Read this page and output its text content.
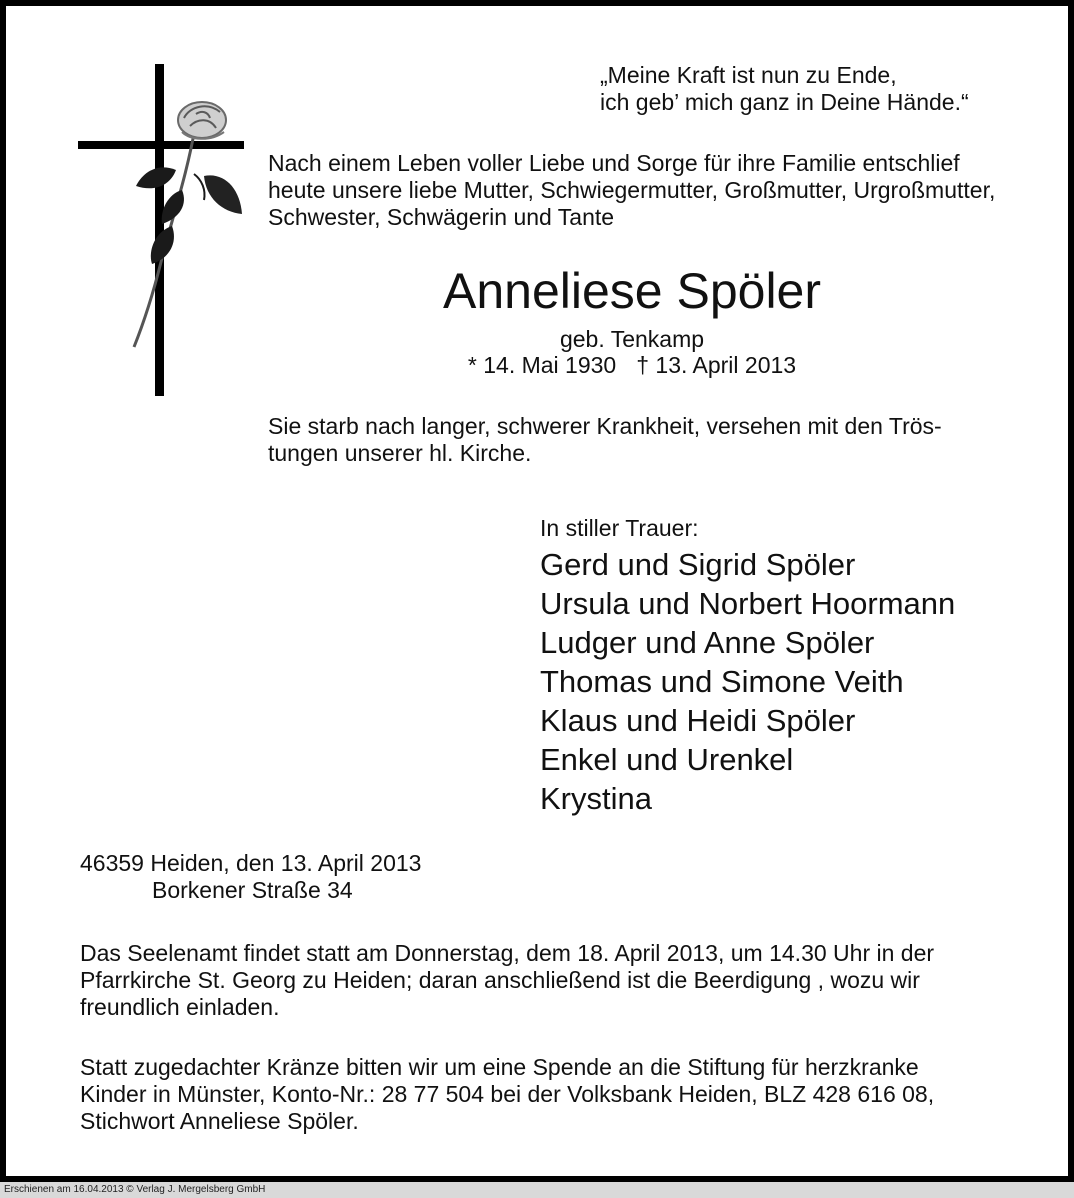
„Meine Kraft ist nun zu Ende,
ich geb’ mich ganz in Deine Hände.“
Nach einem Leben voller Liebe und Sorge für ihre Familie entschlief
heute unsere liebe Mutter, Schwiegermutter, Großmutter, Urgroßmutter,
Schwester, Schwägerin und Tante
Anneliese Spöler
geb. Tenkamp
* 14. Mai 1930 † 13. April 2013
Sie starb nach langer, schwerer Krankheit, versehen mit den Trös-
tungen unserer hl. Kirche.
In stiller Trauer:
Gerd und Sigrid Spöler
Ursula und Norbert Hoormann
Ludger und Anne Spöler
Thomas und Simone Veith
Klaus und Heidi Spöler
Enkel und Urenkel
Krystina
46359 Heiden, den 13. April 2013
Borkener Straße 34
Das Seelenamt findet statt am Donnerstag, dem 18. April 2013, um 14.30 Uhr in der
Pfarrkirche St. Georg zu Heiden; daran anschließend ist die Beerdigung , wozu wir
freundlich einladen.
Statt zugedachter Kränze bitten wir um eine Spende an die Stiftung für herzkranke
Kinder in Münster, Konto-Nr.: 28 77 504 bei der Volksbank Heiden, BLZ 428 616 08,
Stichwort Anneliese Spöler.
Erschienen am 16.04.2013 © Verlag J. Mergelsberg GmbH
